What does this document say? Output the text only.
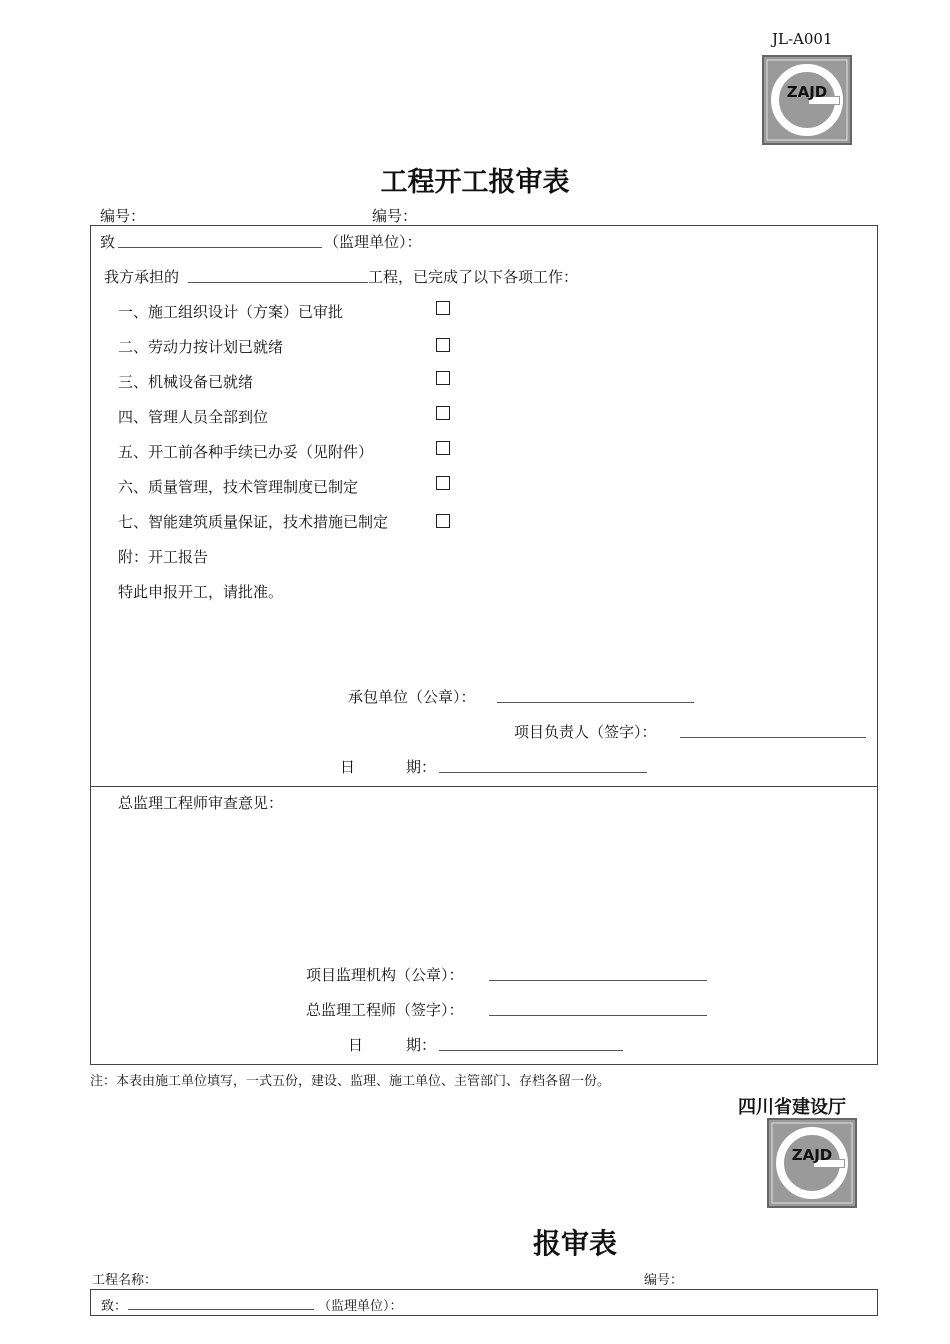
JL-A001
ZAJD
工程开工报审表
编号：	编号：
致	（监理单位）：
我方承担的	工程，已完成了以下各项工作：
一、施工组织设计（方案）已审批
二、劳动力按计划已就绪
三、机械设备已就绪
四、管理人员全部到位
五、开工前各种手续已办妥（见附件）
六、质量管理，技术管理制度已制定
七、智能建筑质量保证，技术措施已制定
附：开工报告
特此申报开工，请批准。
承包单位（公章）：
项目负责人（签字）：
日	期：
总监理工程师审查意见：
项目监理机构（公章）：
总监理工程师（签字）：
日	期：
注：本表由施工单位填写，一式五份，建设、监理、施工单位、主管部门、存档各留一份。
四川省建设厅
ZAJD
报审表
工程名称：	编号：
致：	（监理单位）：
